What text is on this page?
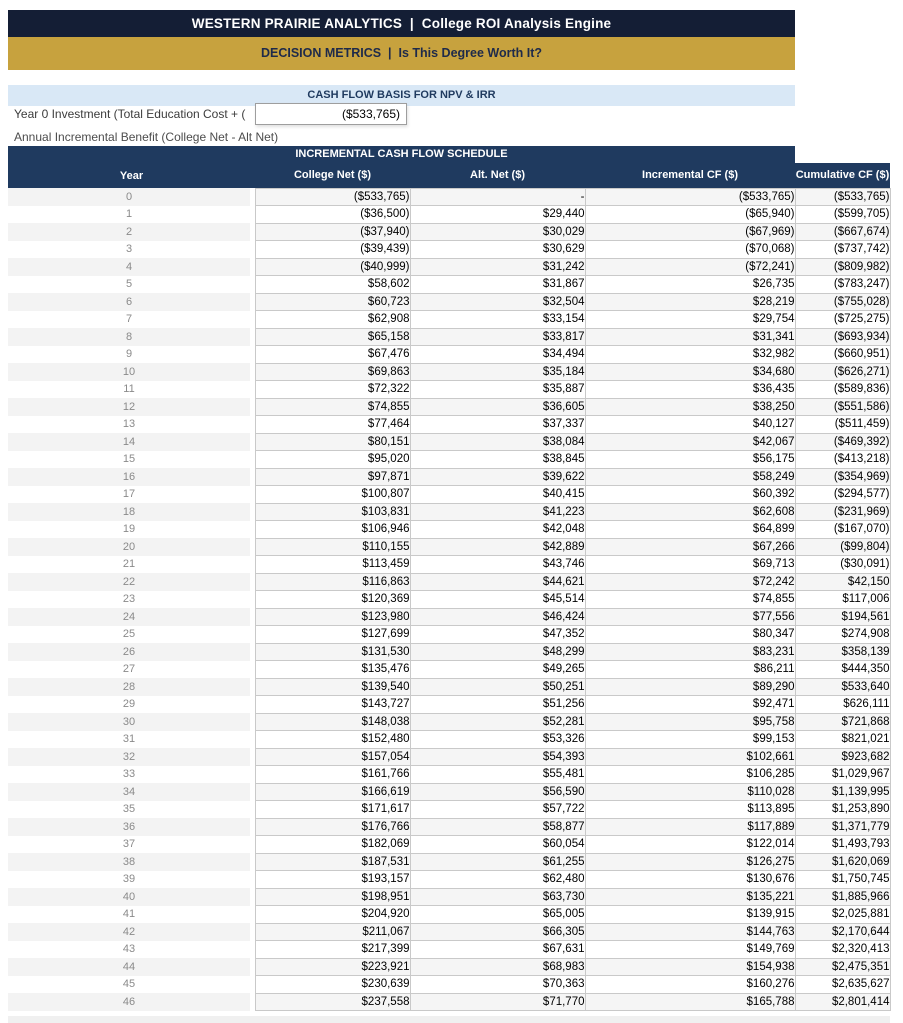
WESTERN PRAIRIE ANALYTICS  |  College ROI Analysis Engine
DECISION METRICS  |  Is This Degree Worth It?
CASH FLOW BASIS FOR NPV & IRR
Year 0 Investment (Total Education Cost + (	($533,765)
Annual Incremental Benefit (College Net - Alt Net)
INCREMENTAL CASH FLOW SCHEDULE
Year		College Net ($)	Alt. Net ($)	Incremental CF ($)	Cumulative CF ($)
0		($533,765)	-	($533,765)	($533,765)
1		($36,500)	$29,440	($65,940)	($599,705)
2		($37,940)	$30,029	($67,969)	($667,674)
3		($39,439)	$30,629	($70,068)	($737,742)
4		($40,999)	$31,242	($72,241)	($809,982)
5		$58,602	$31,867	$26,735	($783,247)
6		$60,723	$32,504	$28,219	($755,028)
7		$62,908	$33,154	$29,754	($725,275)
8		$65,158	$33,817	$31,341	($693,934)
9		$67,476	$34,494	$32,982	($660,951)
10		$69,863	$35,184	$34,680	($626,271)
11		$72,322	$35,887	$36,435	($589,836)
12		$74,855	$36,605	$38,250	($551,586)
13		$77,464	$37,337	$40,127	($511,459)
14		$80,151	$38,084	$42,067	($469,392)
15		$95,020	$38,845	$56,175	($413,218)
16		$97,871	$39,622	$58,249	($354,969)
17		$100,807	$40,415	$60,392	($294,577)
18		$103,831	$41,223	$62,608	($231,969)
19		$106,946	$42,048	$64,899	($167,070)
20		$110,155	$42,889	$67,266	($99,804)
21		$113,459	$43,746	$69,713	($30,091)
22		$116,863	$44,621	$72,242	$42,150
23		$120,369	$45,514	$74,855	$117,006
24		$123,980	$46,424	$77,556	$194,561
25		$127,699	$47,352	$80,347	$274,908
26		$131,530	$48,299	$83,231	$358,139
27		$135,476	$49,265	$86,211	$444,350
28		$139,540	$50,251	$89,290	$533,640
29		$143,727	$51,256	$92,471	$626,111
30		$148,038	$52,281	$95,758	$721,868
31		$152,480	$53,326	$99,153	$821,021
32		$157,054	$54,393	$102,661	$923,682
33		$161,766	$55,481	$106,285	$1,029,967
34		$166,619	$56,590	$110,028	$1,139,995
35		$171,617	$57,722	$113,895	$1,253,890
36		$176,766	$58,877	$117,889	$1,371,779
37		$182,069	$60,054	$122,014	$1,493,793
38		$187,531	$61,255	$126,275	$1,620,069
39		$193,157	$62,480	$130,676	$1,750,745
40		$198,951	$63,730	$135,221	$1,885,966
41		$204,920	$65,005	$139,915	$2,025,881
42		$211,067	$66,305	$144,763	$2,170,644
43		$217,399	$67,631	$149,769	$2,320,413
44		$223,921	$68,983	$154,938	$2,475,351
45		$230,639	$70,363	$160,276	$2,635,627
46		$237,558	$71,770	$165,788	$2,801,414
